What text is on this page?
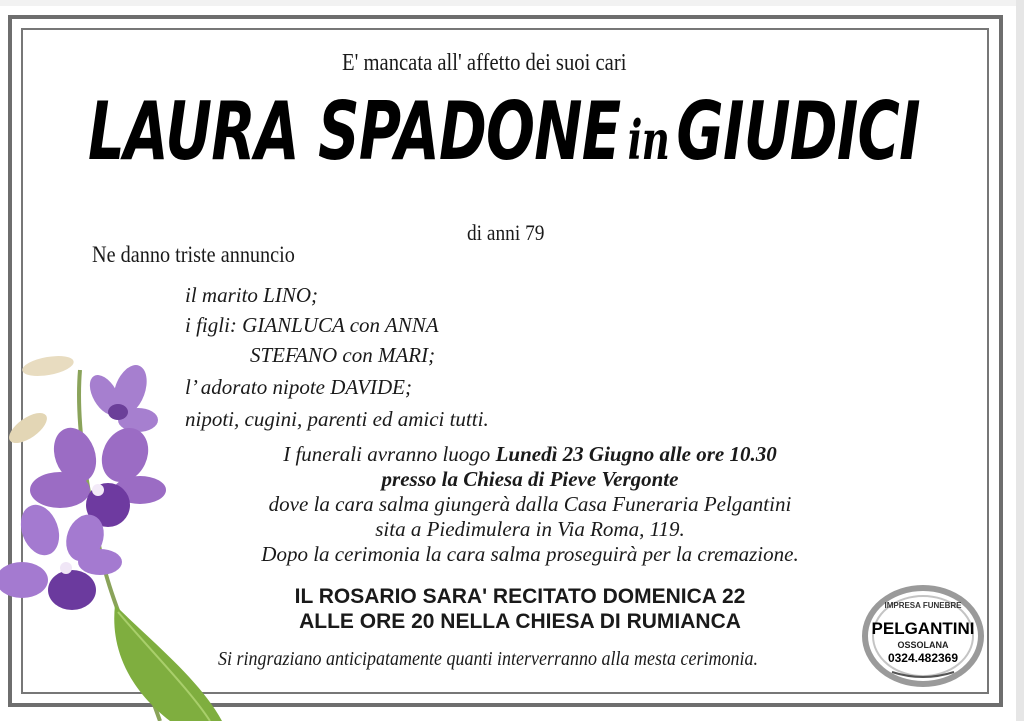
E' mancata all' affetto dei suoi cari
LAURA SPADONE inGIUDICI
di anni 79
Ne danno triste annuncio
il marito LINO;
i figli: GIANLUCA con ANNA
STEFANO con MARI;
l’ adorato nipote DAVIDE;
nipoti, cugini, parenti ed amici tutti.
I funerali avranno luogo Lunedì 23 Giugno alle ore 10.30
presso la Chiesa di Pieve Vergonte
dove la cara salma giungerà dalla Casa Funeraria Pelgantini
sita a Piedimulera in Via Roma, 119.
Dopo la cerimonia la cara salma proseguirà per la cremazione.
IL ROSARIO SARA' RECITATO DOMENICA 22
ALLE ORE 20 NELLA CHIESA DI RUMIANCA
Si ringraziano anticipatamente quanti interverranno alla mesta cerimonia.
IMPRESA FUNEBRE
PELGANTINI
OSSOLANA
0324.482369
